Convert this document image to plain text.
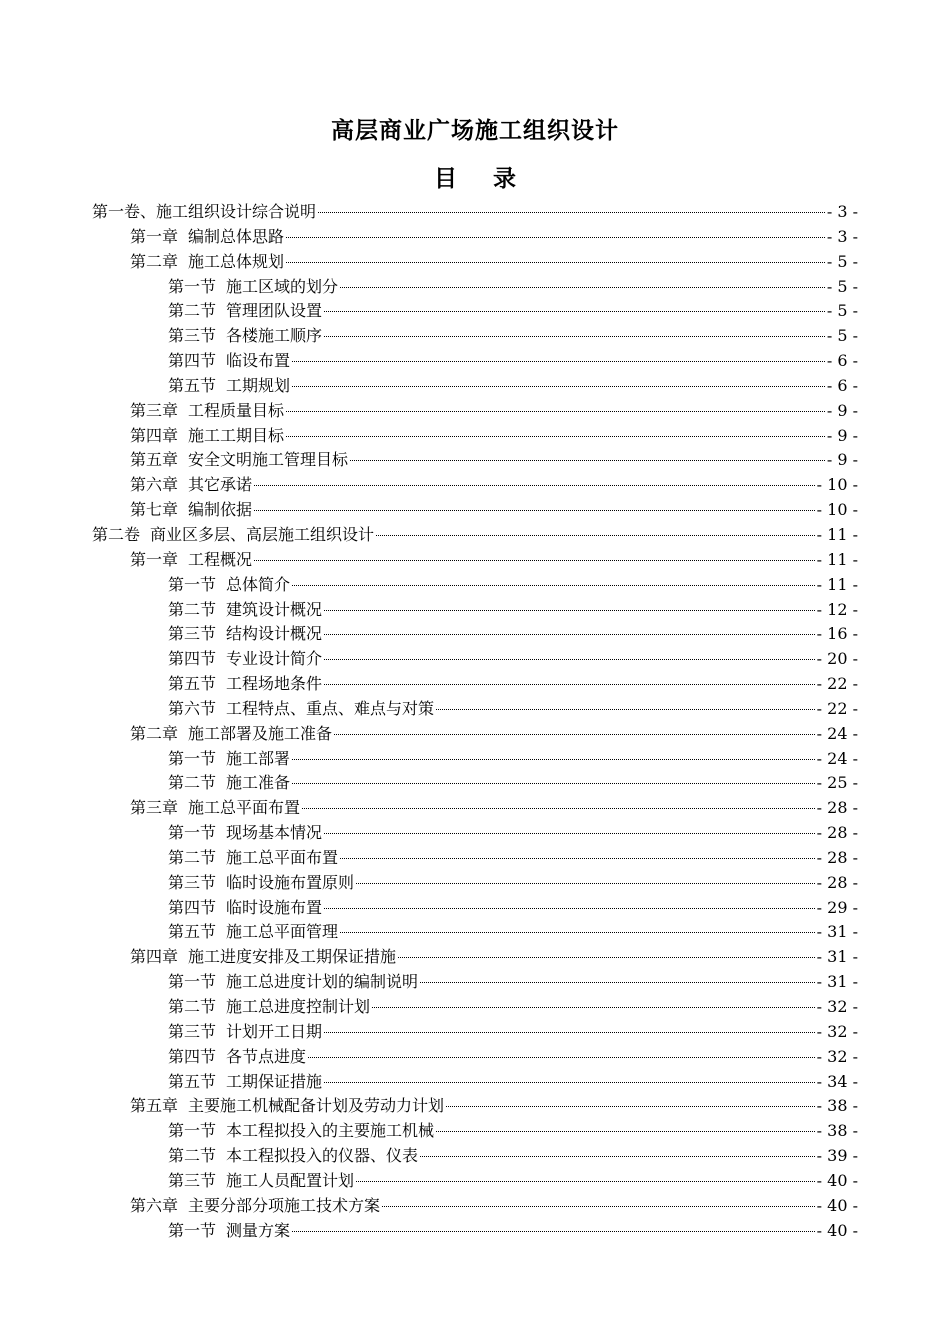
高层商业广场施工组织设计
目 录
第一卷、施工组织设计综合说明	- 3 -
第一章 编制总体思路	- 3 -
第二章 施工总体规划	- 5 -
第一节 施工区域的划分	- 5 -
第二节 管理团队设置	- 5 -
第三节 各楼施工顺序	- 5 -
第四节 临设布置	- 6 -
第五节 工期规划	- 6 -
第三章 工程质量目标	- 9 -
第四章 施工工期目标	- 9 -
第五章 安全文明施工管理目标	- 9 -
第六章 其它承诺	- 10 -
第七章 编制依据	- 10 -
第二卷 商业区多层、高层施工组织设计	- 11 -
第一章 工程概况	- 11 -
第一节 总体简介	- 11 -
第二节 建筑设计概况	- 12 -
第三节 结构设计概况	- 16 -
第四节 专业设计简介	- 20 -
第五节 工程场地条件	- 22 -
第六节 工程特点、重点、难点与对策	- 22 -
第二章 施工部署及施工准备	- 24 -
第一节 施工部署	- 24 -
第二节 施工准备	- 25 -
第三章 施工总平面布置	- 28 -
第一节 现场基本情况	- 28 -
第二节 施工总平面布置	- 28 -
第三节 临时设施布置原则	- 28 -
第四节 临时设施布置	- 29 -
第五节 施工总平面管理	- 31 -
第四章 施工进度安排及工期保证措施	- 31 -
第一节 施工总进度计划的编制说明	- 31 -
第二节 施工总进度控制计划	- 32 -
第三节 计划开工日期	- 32 -
第四节 各节点进度	- 32 -
第五节 工期保证措施	- 34 -
第五章 主要施工机械配备计划及劳动力计划	- 38 -
第一节 本工程拟投入的主要施工机械	- 38 -
第二节 本工程拟投入的仪器、仪表	- 39 -
第三节 施工人员配置计划	- 40 -
第六章 主要分部分项施工技术方案	- 40 -
第一节 测量方案	- 40 -
